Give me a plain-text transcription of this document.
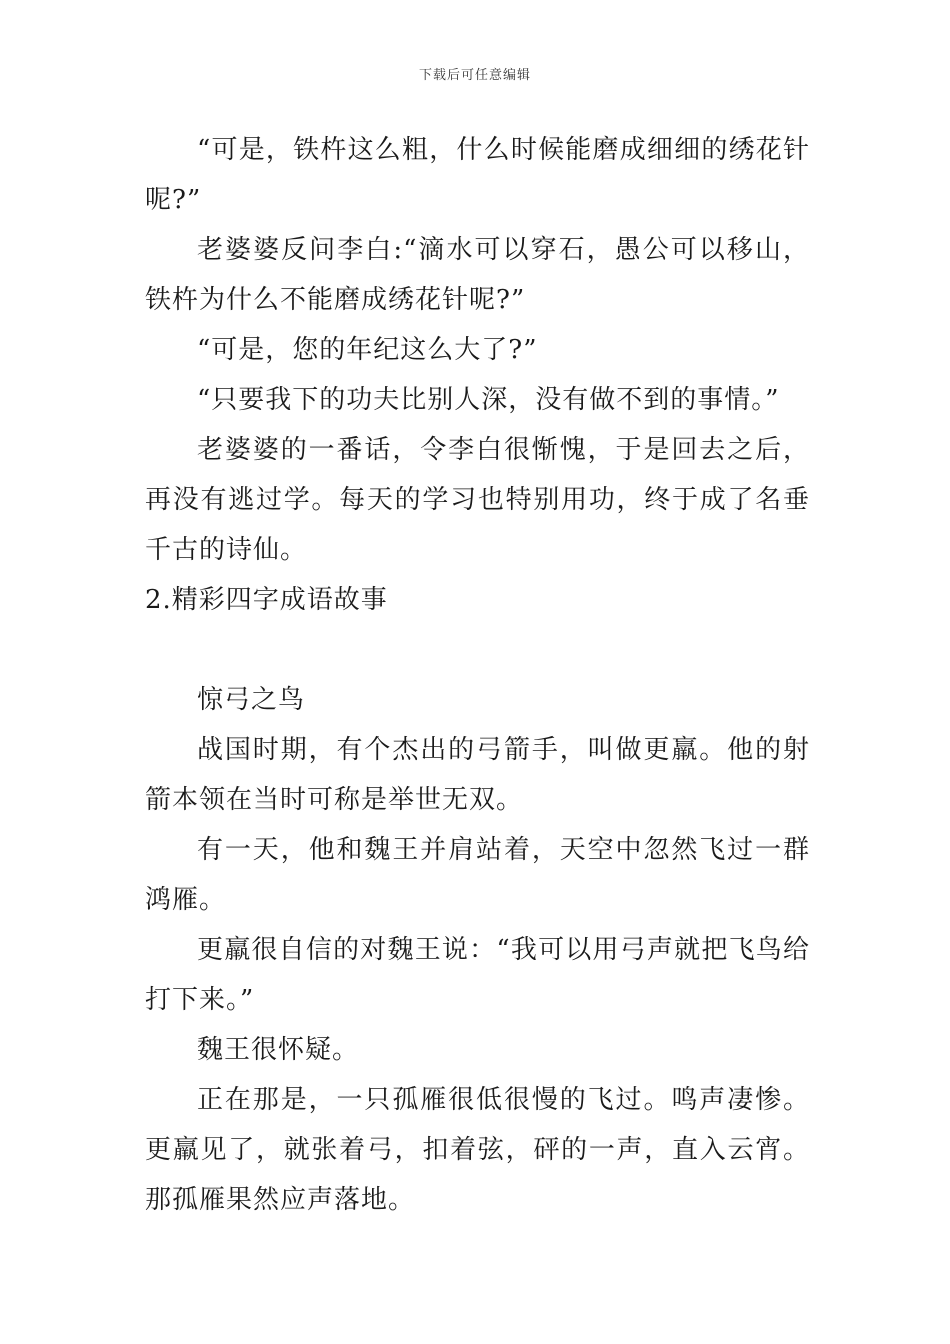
下载后可任意编辑

“可是，铁杵这么粗，什么时候能磨成细细的绣花针呢?”

老婆婆反问李白:“滴水可以穿石，愚公可以移山，铁杵为什么不能磨成绣花针呢?”

“可是，您的年纪这么大了?”

“只要我下的功夫比别人深，没有做不到的事情。”

老婆婆的一番话，令李白很惭愧，于是回去之后，再没有逃过学。每天的学习也特别用功，终于成了名垂千古的诗仙。

2.精彩四字成语故事

惊弓之鸟

战国时期，有个杰出的弓箭手，叫做更羸。他的射箭本领在当时可称是举世无双。

有一天，他和魏王并肩站着，天空中忽然飞过一群鸿雁。

更羸很自信的对魏王说：“我可以用弓声就把飞鸟给打下来。”

魏王很怀疑。

正在那是，一只孤雁很低很慢的飞过。鸣声凄惨。更羸见了，就张着弓，扣着弦，砰的一声，直入云宵。那孤雁果然应声落地。
